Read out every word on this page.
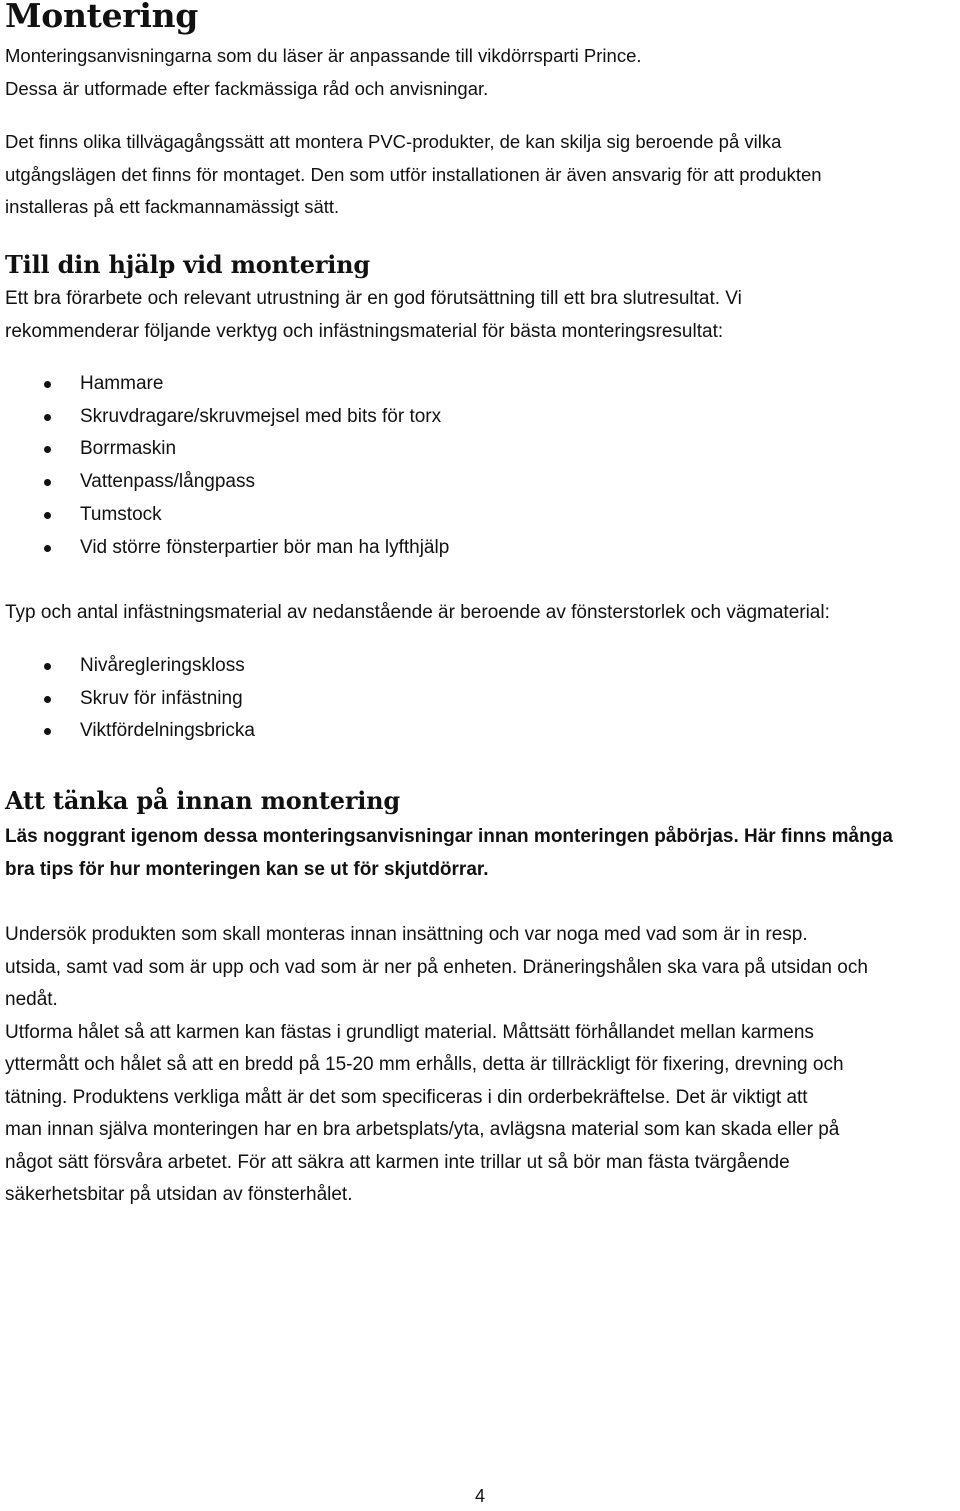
Montering

Monteringsanvisningarna som du läser är anpassande till vikdörrsparti Prince.

Dessa är utformade efter fackmässiga råd och anvisningar.

Det finns olika tillvägagångssätt att montera PVC-produkter, de kan skilja sig beroende på vilka

utgångslägen det finns för montaget. Den som utför installationen är även ansvarig för att produkten

installeras på ett fackmannamässigt sätt.

Till din hjälp vid montering

Ett bra förarbete och relevant utrustning är en god förutsättning till ett bra slutresultat. Vi

rekommenderar följande verktyg och infästningsmaterial för bästa monteringsresultat:

Hammare
Skruvdragare/skruvmejsel med bits för torx
Borrmaskin
Vattenpass/långpass
Tumstock
Vid större fönsterpartier bör man ha lyfthjälp

Typ och antal infästningsmaterial av nedanstående är beroende av fönsterstorlek och vägmaterial:

Nivåregleringskloss
Skruv för infästning
Viktfördelningsbricka
Att tänka på innan montering

Läs noggrant igenom dessa monteringsanvisningar innan monteringen påbörjas. Här finns många

bra tips för hur monteringen kan se ut för skjutdörrar.

Undersök produkten som skall monteras innan insättning och var noga med vad som är in resp.

utsida, samt vad som är upp och vad som är ner på enheten. Dräneringshålen ska vara på utsidan och

nedåt.

Utforma hålet så att karmen kan fästas i grundligt material. Måttsätt förhållandet mellan karmens

yttermått och hålet så att en bredd på 15-20 mm erhålls, detta är tillräckligt för fixering, drevning och

tätning. Produktens verkliga mått är det som specificeras i din orderbekräftelse. Det är viktigt att

man innan själva monteringen har en bra arbetsplats/yta, avlägsna material som kan skada eller på

något sätt försvåra arbetet. För att säkra att karmen inte trillar ut så bör man fästa tvärgående

säkerhetsbitar på utsidan av fönsterhålet.

4
